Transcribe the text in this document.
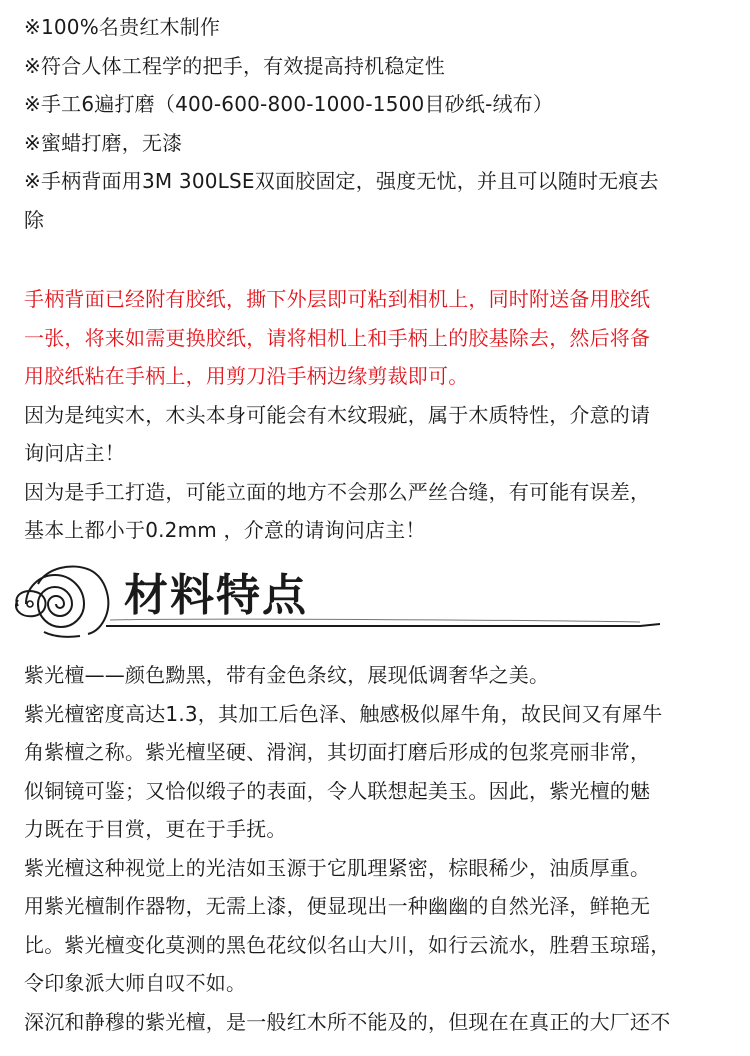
※100%名贵红木制作

※符合人体工程学的把手，有效提高持机稳定性

※手工6遍打磨（400-600-800-1000-1500目砂纸-绒布）

※蜜蜡打磨，无漆

※手柄背面用3M 300LSE双面胶固定，强度无忧，并且可以随时无痕去

除

手柄背面已经附有胶纸，撕下外层即可粘到相机上，同时附送备用胶纸

一张，将来如需更换胶纸，请将相机上和手柄上的胶基除去，然后将备

用胶纸粘在手柄上，用剪刀沿手柄边缘剪裁即可。

因为是纯实木，木头本身可能会有木纹瑕疵，属于木质特性，介意的请

询问店主！

因为是手工打造，可能立面的地方不会那么严丝合缝，有可能有误差，

基本上都小于0.2mm ，介意的请询问店主！

材料特点

紫光檀——颜色黝黑，带有金色条纹，展现低调奢华之美。

紫光檀密度高达1.3，其加工后色泽、触感极似犀牛角，故民间又有犀牛

角紫檀之称。紫光檀坚硬、滑润，其切面打磨后形成的包浆亮丽非常，

似铜镜可鉴；又恰似缎子的表面，令人联想起美玉。因此，紫光檀的魅

力既在于目赏，更在于手抚。

紫光檀这种视觉上的光洁如玉源于它肌理紧密，棕眼稀少，油质厚重。

用紫光檀制作器物，无需上漆，便显现出一种幽幽的自然光泽，鲜艳无

比。紫光檀变化莫测的黑色花纹似名山大川，如行云流水，胜碧玉琼瑶，

令印象派大师自叹不如。

深沉和静穆的紫光檀，是一般红木所不能及的，但现在在真正的大厂还不
